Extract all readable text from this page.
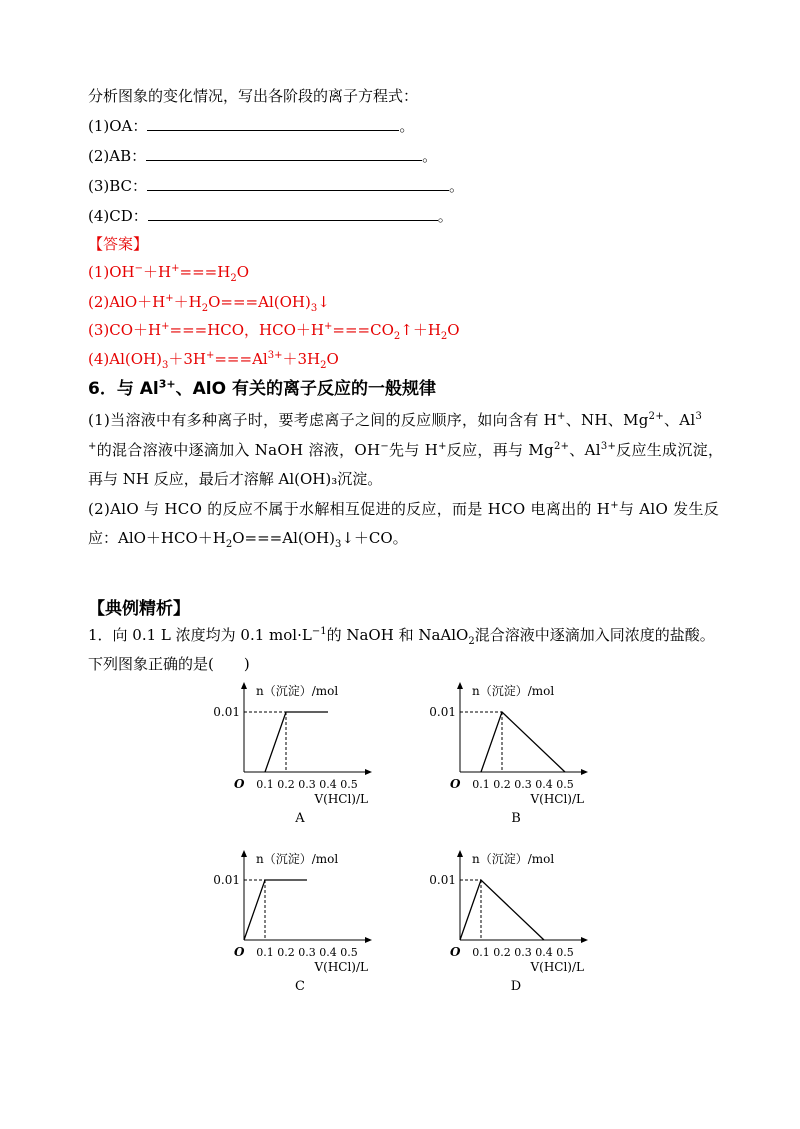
分析图象的变化情况，写出各阶段的离子方程式：
(1)OA：	。
(2)AB：	。
(3)BC：	。
(4)CD：	。
【答案】
$(1)OH^-+H^+===H_2O$
$(2)AlO+H^++H_2O===Al(OH)_3↓$
(3)CO＋H+===HCO，$HCO+H^+===CO_2↑+H_2O$
$(4)Al(OH)_3+3H^+===Al^{3+}+3H_2O$
6．与 $Al^{3+}$、AlO 有关的离子反应的一般规律
(1)当溶液中有多种离子时，要考虑离子之间的反应顺序，如向含有 H+、NH、$Mg^{2+}$、Al$^3$
+的混合溶液中逐滴加入 NaOH 溶液，OH−先与 H+反应，再与 $Mg^{2+}$、$Al^{3+}$反应生成沉淀，
再与 NH 反应，最后才溶解 Al(OH)₃沉淀。
(2)AlO 与 HCO 的反应不属于水解相互促进的反应，而是 HCO 电离出的 H+与 AlO 发生反
应：$AlO+HCO+H_2O===Al(OH)_3↓+CO$。
【典例精析】
1．向 0.1 L 浓度均为 0.1 $mol\cdot L^{-1}$的 NaOH 和 NaAlO$_2$混合溶液中逐滴加入同浓度的盐酸。
下列图象正确的是(　　)
n（沉淀）/mol
0.01
O 0.1 0.2 0.3 0.4 0.5
V(HCl)/L
A
n（沉淀）/mol
0.01
O 0.1 0.2 0.3 0.4 0.5
V(HCl)/L
B
n（沉淀）/mol
0.01
O 0.1 0.2 0.3 0.4 0.5
V(HCl)/L
C
n（沉淀）/mol
0.01
O 0.1 0.2 0.3 0.4 0.5
V(HCl)/L
D
